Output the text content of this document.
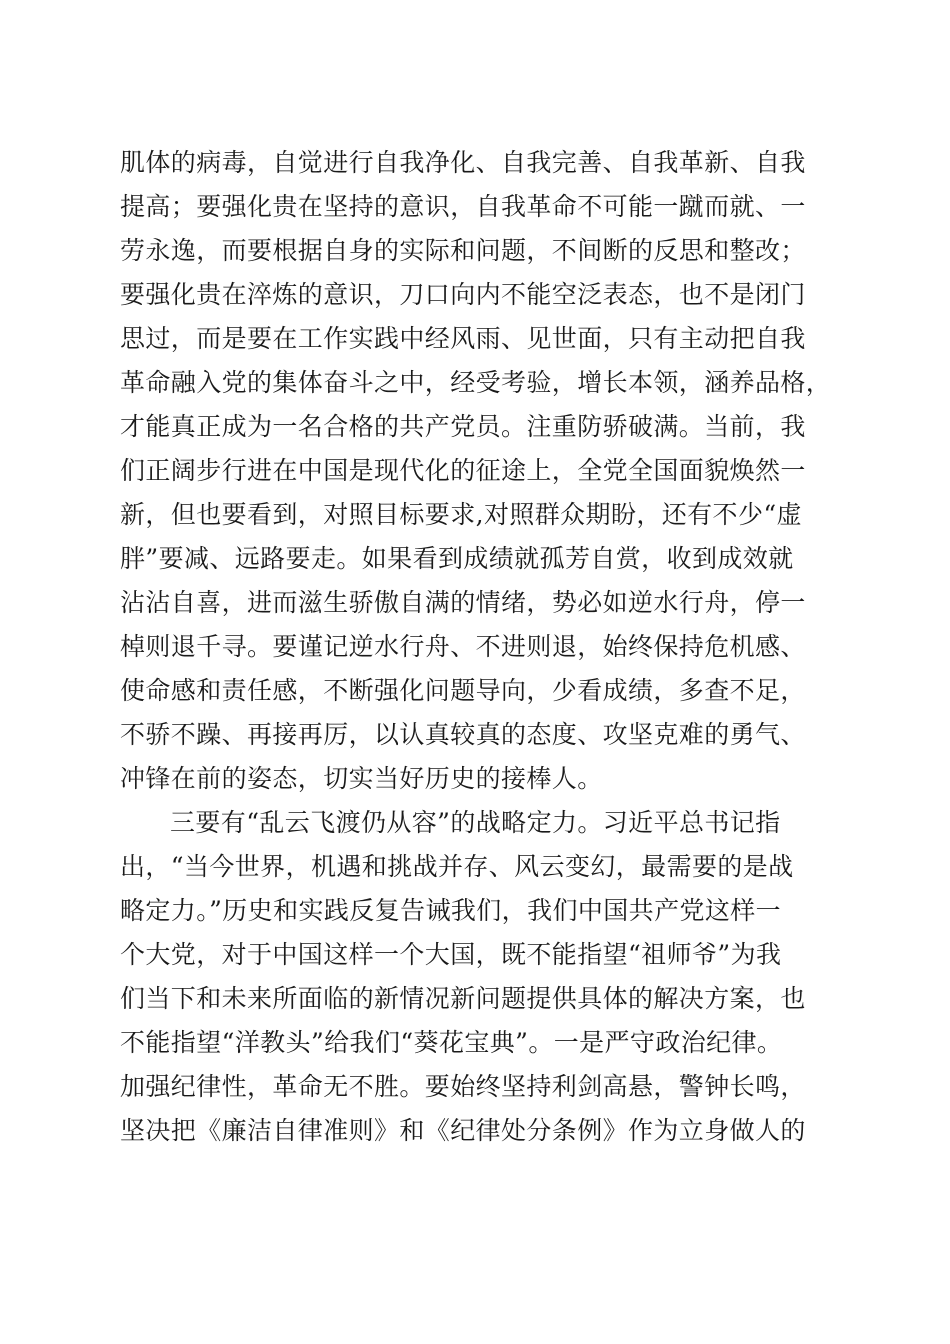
肌体的病毒，自觉进行自我净化、自我完善、自我革新、自我
提高；要强化贵在坚持的意识，自我革命不可能一蹴而就、一
劳永逸，而要根据自身的实际和问题，不间断的反思和整改；
要强化贵在淬炼的意识，刀口向内不能空泛表态，也不是闭门
思过，而是要在工作实践中经风雨、见世面，只有主动把自我
革命融入党的集体奋斗之中，经受考验，增长本领，涵养品格，
才能真正成为一名合格的共产党员。注重防骄破满。当前，我
们正阔步行进在中国是现代化的征途上，全党全国面貌焕然一
新，但也要看到，对照目标要求,对照群众期盼，还有不少“虚
胖”要减、远路要走。如果看到成绩就孤芳自赏，收到成效就
沾沾自喜，进而滋生骄傲自满的情绪，势必如逆水行舟，停一
棹则退千寻。要谨记逆水行舟、不进则退，始终保持危机感、
使命感和责任感，不断强化问题导向，少看成绩，多查不足，
不骄不躁、再接再厉，以认真较真的态度、攻坚克难的勇气、
冲锋在前的姿态，切实当好历史的接棒人。
三要有“乱云飞渡仍从容”的战略定力。习近平总书记指
出，“当今世界，机遇和挑战并存、风云变幻，最需要的是战
略定力。”历史和实践反复告诫我们，我们中国共产党这样一
个大党，对于中国这样一个大国，既不能指望“祖师爷”为我
们当下和未来所面临的新情况新问题提供具体的解决方案，也
不能指望“洋教头”给我们“葵花宝典”。一是严守政治纪律。
加强纪律性，革命无不胜。要始终坚持利剑高悬，警钟长鸣，
坚决把《廉洁自律准则》和《纪律处分条例》作为立身做人的
